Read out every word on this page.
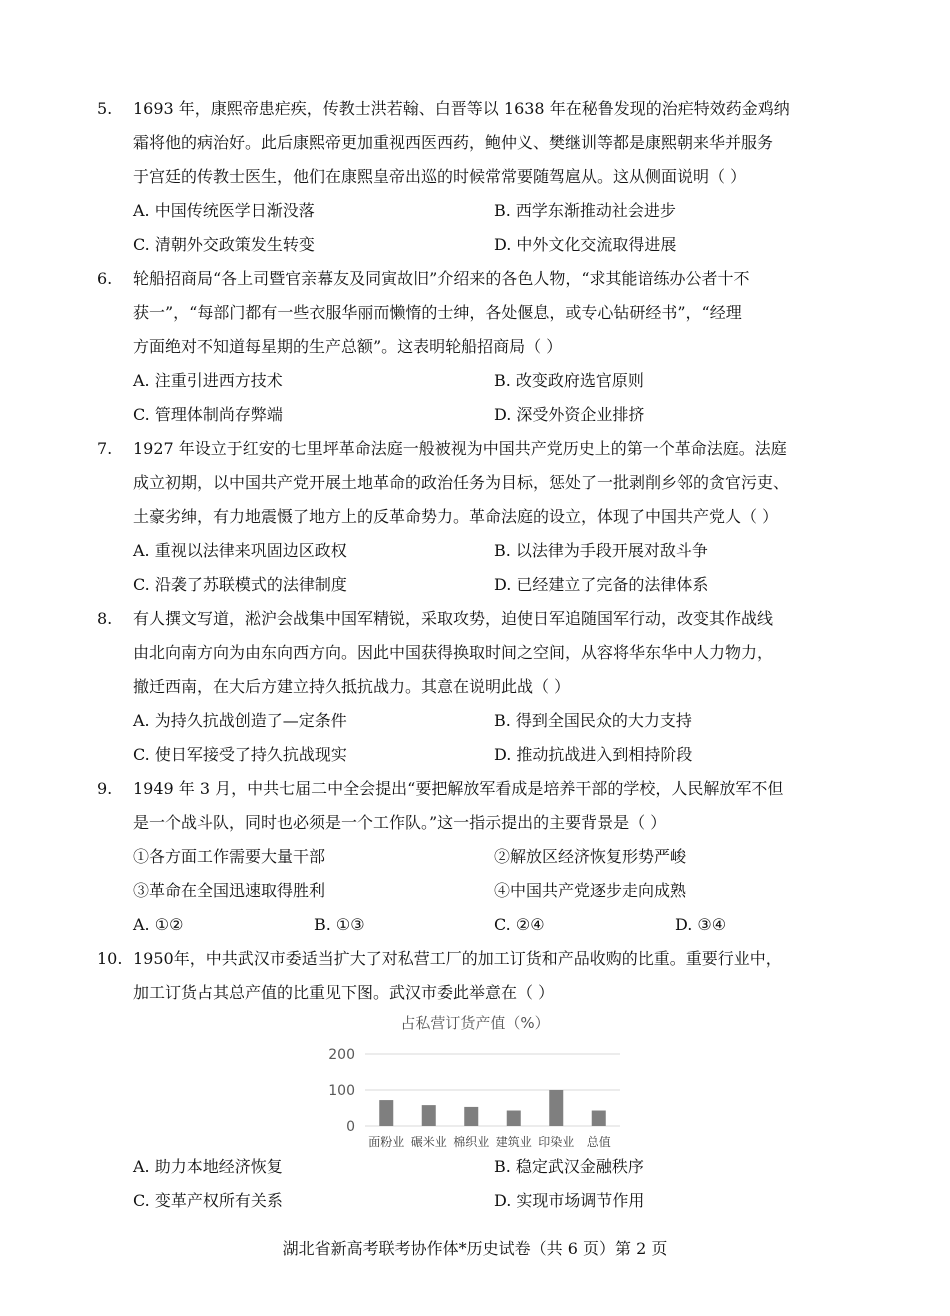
5. 1693 年，康熙帝患疟疾，传教士洪若翰、白晋等以 1638 年在秘鲁发现的治疟特效药金鸡纳
霜将他的病治好。此后康熙帝更加重视西医西药，鲍仲义、樊继训等都是康熙朝来华并服务
于宫廷的传教士医生，他们在康熙皇帝出巡的时候常常要随驾扈从。这从侧面说明（ ）
A. 中国传统医学日渐没落	B. 西学东渐推动社会进步
C. 清朝外交政策发生转变	D. 中外文化交流取得进展
6. 轮船招商局“各上司暨官亲幕友及同寅故旧”介绍来的各色人物，“求其能谙练办公者十不
获一”，“每部门都有一些衣服华丽而懒惰的士绅，各处偃息，或专心钻研经书”，“经理
方面绝对不知道每星期的生产总额”。这表明轮船招商局（ ）
A. 注重引进西方技术	B. 改变政府选官原则
C. 管理体制尚存弊端	D. 深受外资企业排挤
7. 1927 年设立于红安的七里坪革命法庭一般被视为中国共产党历史上的第一个革命法庭。法庭
成立初期，以中国共产党开展土地革命的政治任务为目标，惩处了一批剥削乡邻的贪官污吏、
土豪劣绅，有力地震慑了地方上的反革命势力。革命法庭的设立，体现了中国共产党人（ ）
A. 重视以法律来巩固边区政权	B. 以法律为手段开展对敌斗争
C. 沿袭了苏联模式的法律制度	D. 已经建立了完备的法律体系
8. 有人撰文写道，淞沪会战集中国军精锐，采取攻势，迫使日军追随国军行动，改变其作战线
由北向南方向为由东向西方向。因此中国获得换取时间之空间，从容将华东华中人力物力，
撤迁西南，在大后方建立持久抵抗战力。其意在说明此战（ ）
A. 为持久抗战创造了—定条件	B. 得到全国民众的大力支持
C. 使日军接受了持久抗战现实	D. 推动抗战进入到相持阶段
9. 1949 年 3 月，中共七届二中全会提出“要把解放军看成是培养干部的学校，人民解放军不但
是一个战斗队，同时也必须是一个工作队。”这一指示提出的主要背景是（ ）
①各方面工作需要大量干部	②解放区经济恢复形势严峻
③革命在全国迅速取得胜利	④中国共产党逐步走向成熟
A. ①②	B. ①③	C. ②④	D. ③④
10. 1950年，中共武汉市委适当扩大了对私营工厂的加工订货和产品收购的比重。重要行业中，
加工订货占其总产值的比重见下图。武汉市委此举意在（ ）
占私营订货产值（%）
0
100
200
面粉业 碾米业 棉织业 建筑业 印染业 总值
A. 助力本地经济恢复	B. 稳定武汉金融秩序
C. 变革产权所有关系	D. 实现市场调节作用
湖北省新高考联考协作体*历史试卷（共 6 页）第 2 页
